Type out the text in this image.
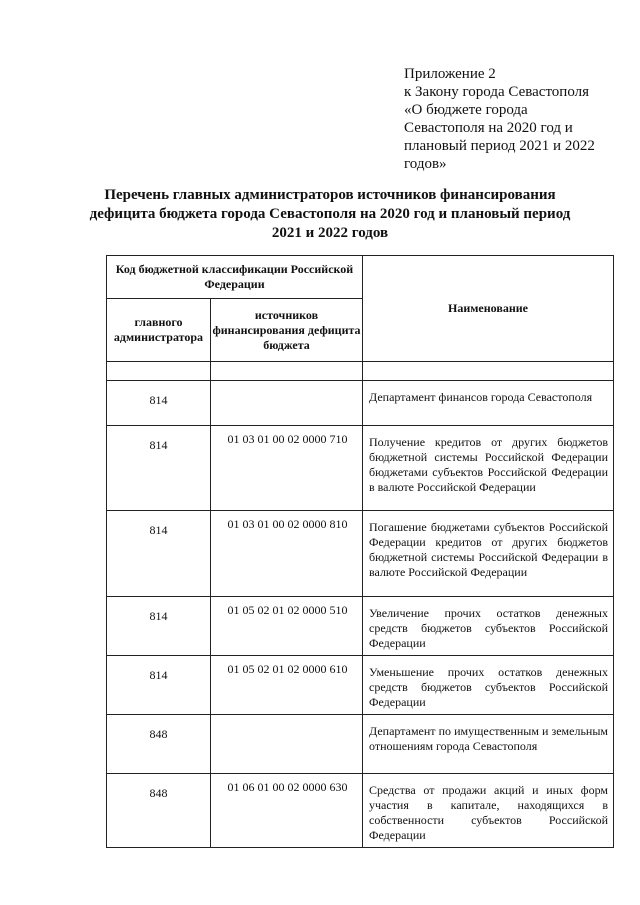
Приложение 2
к Закону города Севастополя
«О бюджете города
Севастополя на 2020 год и
плановый период 2021 и 2022
годов»
Перечень главных администраторов источников финансирования
дефицита бюджета города Севастополя на 2020 год и плановый период
2021 и 2022 годов
Код бюджетной классификации Российской Федерации		Наименование
главного администратора	источников финансирования дефицита бюджета	

814		Департамент финансов города Севастополя
814	01 03 01 00 02 0000 710	Получение кредитов от других бюджетов бюджетной системы Российской Федерации бюджетами субъектов Российской Федерации в валюте Российской Федерации
814	01 03 01 00 02 0000 810	Погашение бюджетами субъектов Российской Федерации кредитов от других бюджетов бюджетной системы Российской Федерации в валюте Российской Федерации
814	01 05 02 01 02 0000 510	Увеличение прочих остатков денежных средств бюджетов субъектов Российской Федерации
814	01 05 02 01 02 0000 610	Уменьшение прочих остатков денежных средств бюджетов субъектов Российской Федерации
848		Департамент по имущественным и земельным отношениям города Севастополя
848	01 06 01 00 02 0000 630	Средства от продажи акций и иных форм участия в капитале, находящихся в собственности субъектов Российской Федерации
